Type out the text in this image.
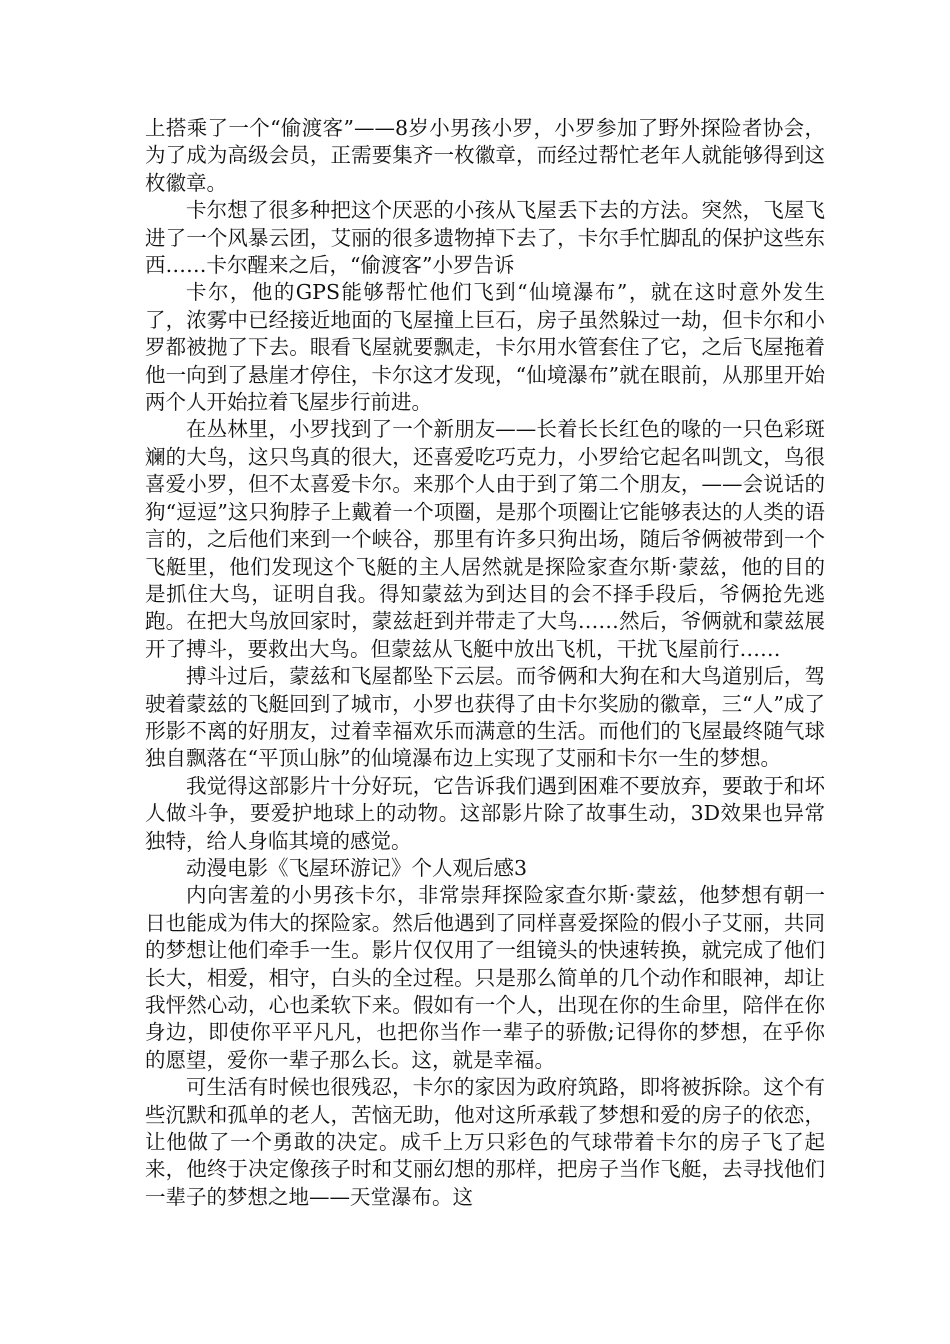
上搭乘了一个“偷渡客”——8岁小男孩小罗，小罗参加了野外探险者协会，为了成为高级会员，正需要集齐一枚徽章，而经过帮忙老年人就能够得到这枚徽章。

卡尔想了很多种把这个厌恶的小孩从飞屋丢下去的方法。突然，飞屋飞进了一个风暴云团，艾丽的很多遗物掉下去了，卡尔手忙脚乱的保护这些东西……卡尔醒来之后，“偷渡客”小罗告诉

卡尔，他的GPS能够帮忙他们飞到“仙境瀑布”，就在这时意外发生了，浓雾中已经接近地面的飞屋撞上巨石，房子虽然躲过一劫，但卡尔和小罗都被抛了下去。眼看飞屋就要飘走，卡尔用水管套住了它，之后飞屋拖着他一向到了悬崖才停住，卡尔这才发现，“仙境瀑布”就在眼前，从那里开始两个人开始拉着飞屋步行前进。

在丛林里，小罗找到了一个新朋友——长着长长红色的喙的一只色彩斑斓的大鸟，这只鸟真的很大，还喜爱吃巧克力，小罗给它起名叫凯文，鸟很喜爱小罗，但不太喜爱卡尔。来那个人由于到了第二个朋友，——会说话的狗“逗逗”这只狗脖子上戴着一个项圈，是那个项圈让它能够表达的人类的语言的，之后他们来到一个峡谷，那里有许多只狗出场，随后爷俩被带到一个飞艇里，他们发现这个飞艇的主人居然就是探险家查尔斯·蒙兹，他的目的是抓住大鸟，证明自我。得知蒙兹为到达目的会不择手段后，爷俩抢先逃跑。在把大鸟放回家时，蒙兹赶到并带走了大鸟……然后，爷俩就和蒙兹展开了搏斗，要救出大鸟。但蒙兹从飞艇中放出飞机，干扰飞屋前行……

搏斗过后，蒙兹和飞屋都坠下云层。而爷俩和大狗在和大鸟道别后，驾驶着蒙兹的飞艇回到了城市，小罗也获得了由卡尔奖励的徽章，三“人”成了形影不离的好朋友，过着幸福欢乐而满意的生活。而他们的飞屋最终随气球独自飘落在“平顶山脉”的仙境瀑布边上实现了艾丽和卡尔一生的梦想。

我觉得这部影片十分好玩，它告诉我们遇到困难不要放弃，要敢于和坏人做斗争，要爱护地球上的动物。这部影片除了故事生动，3D效果也异常独特，给人身临其境的感觉。

动漫电影《飞屋环游记》个人观后感3

内向害羞的小男孩卡尔，非常崇拜探险家查尔斯·蒙兹，他梦想有朝一日也能成为伟大的探险家。然后他遇到了同样喜爱探险的假小子艾丽，共同的梦想让他们牵手一生。影片仅仅用了一组镜头的快速转换，就完成了他们长大，相爱，相守，白头的全过程。只是那么简单的几个动作和眼神，却让我怦然心动，心也柔软下来。假如有一个人，出现在你的生命里，陪伴在你身边，即使你平平凡凡，也把你当作一辈子的骄傲;记得你的梦想，在乎你的愿望，爱你一辈子那么长。这，就是幸福。

可生活有时候也很残忍，卡尔的家因为政府筑路，即将被拆除。这个有些沉默和孤单的老人，苦恼无助，他对这所承载了梦想和爱的房子的依恋，让他做了一个勇敢的决定。成千上万只彩色的气球带着卡尔的房子飞了起来，他终于决定像孩子时和艾丽幻想的那样，把房子当作飞艇，去寻找他们一辈子的梦想之地——天堂瀑布。这
